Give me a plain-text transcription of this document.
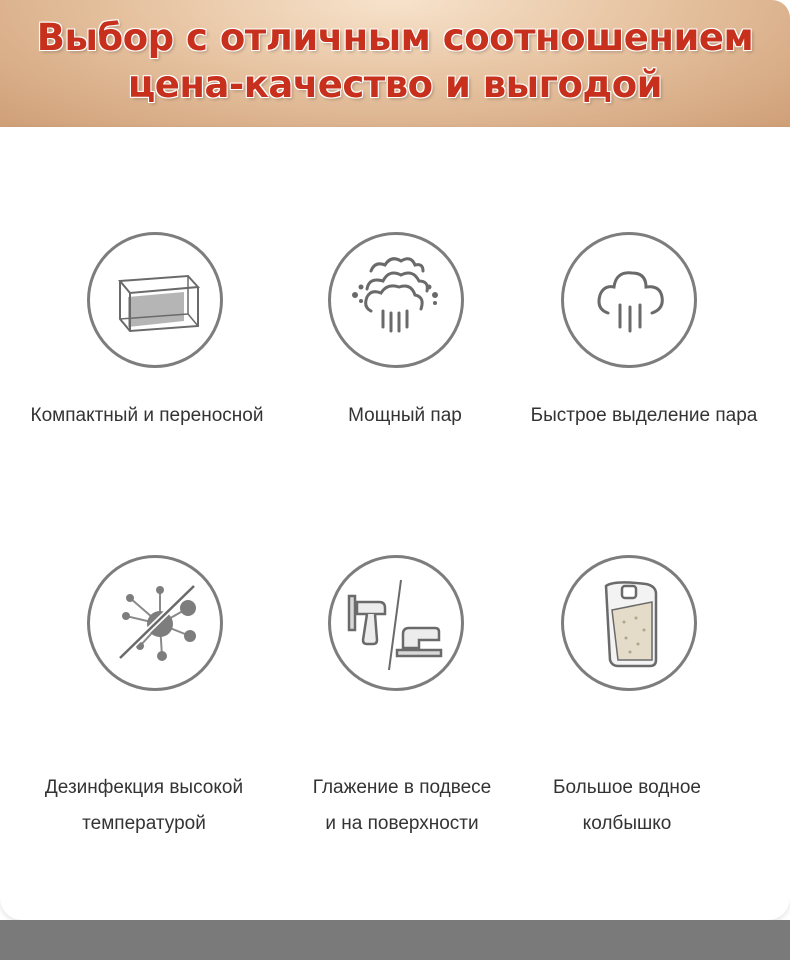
Выбор с отличным соотношением
цена-качество и выгодой
Компактный и переносной	Мощный пар	Быстрое выделение пара
Дезинфекция высокой
температурой
Глажение в подвесе
и на поверхности
Большое водное
колбышко
